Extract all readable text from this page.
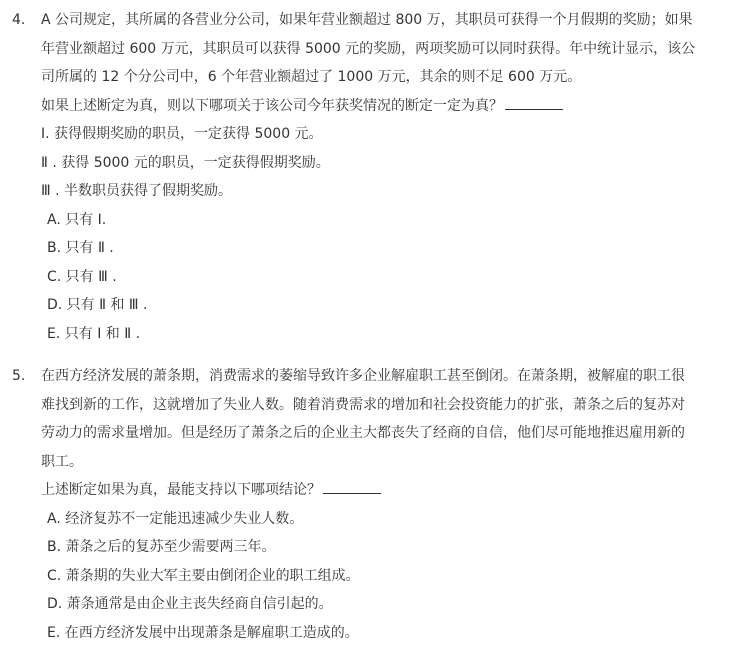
4. A 公司规定，其所属的各营业分公司，如果年营业额超过 800 万，其职员可获得一个月假期的奖励；如果
年营业额超过 600 万元，其职员可以获得 5000 元的奖励，两项奖励可以同时获得。年中统计显示，该公
司所属的 12 个分公司中，6 个年营业额超过了 1000 万元，其余的则不足 600 万元。
如果上述断定为真，则以下哪项关于该公司今年获奖情况的断定一定为真？
Ⅰ. 获得假期奖励的职员，一定获得 5000 元。
Ⅱ . 获得 5000 元的职员，一定获得假期奖励。
Ⅲ . 半数职员获得了假期奖励。
A. 只有 Ⅰ.
B. 只有 Ⅱ .
C. 只有 Ⅲ .
D. 只有 Ⅱ 和 Ⅲ .
E. 只有 Ⅰ 和 Ⅱ .
5. 在西方经济发展的萧条期，消费需求的萎缩导致许多企业解雇职工甚至倒闭。在萧条期，被解雇的职工很
难找到新的工作，这就增加了失业人数。随着消费需求的增加和社会投资能力的扩张，萧条之后的复苏对
劳动力的需求量增加。但是经历了萧条之后的企业主大都丧失了经商的自信，他们尽可能地推迟雇用新的
职工。
上述断定如果为真，最能支持以下哪项结论？
A. 经济复苏不一定能迅速减少失业人数。
B. 萧条之后的复苏至少需要两三年。
C. 萧条期的失业大军主要由倒闭企业的职工组成。
D. 萧条通常是由企业主丧失经商自信引起的。
E. 在西方经济发展中出现萧条是解雇职工造成的。
